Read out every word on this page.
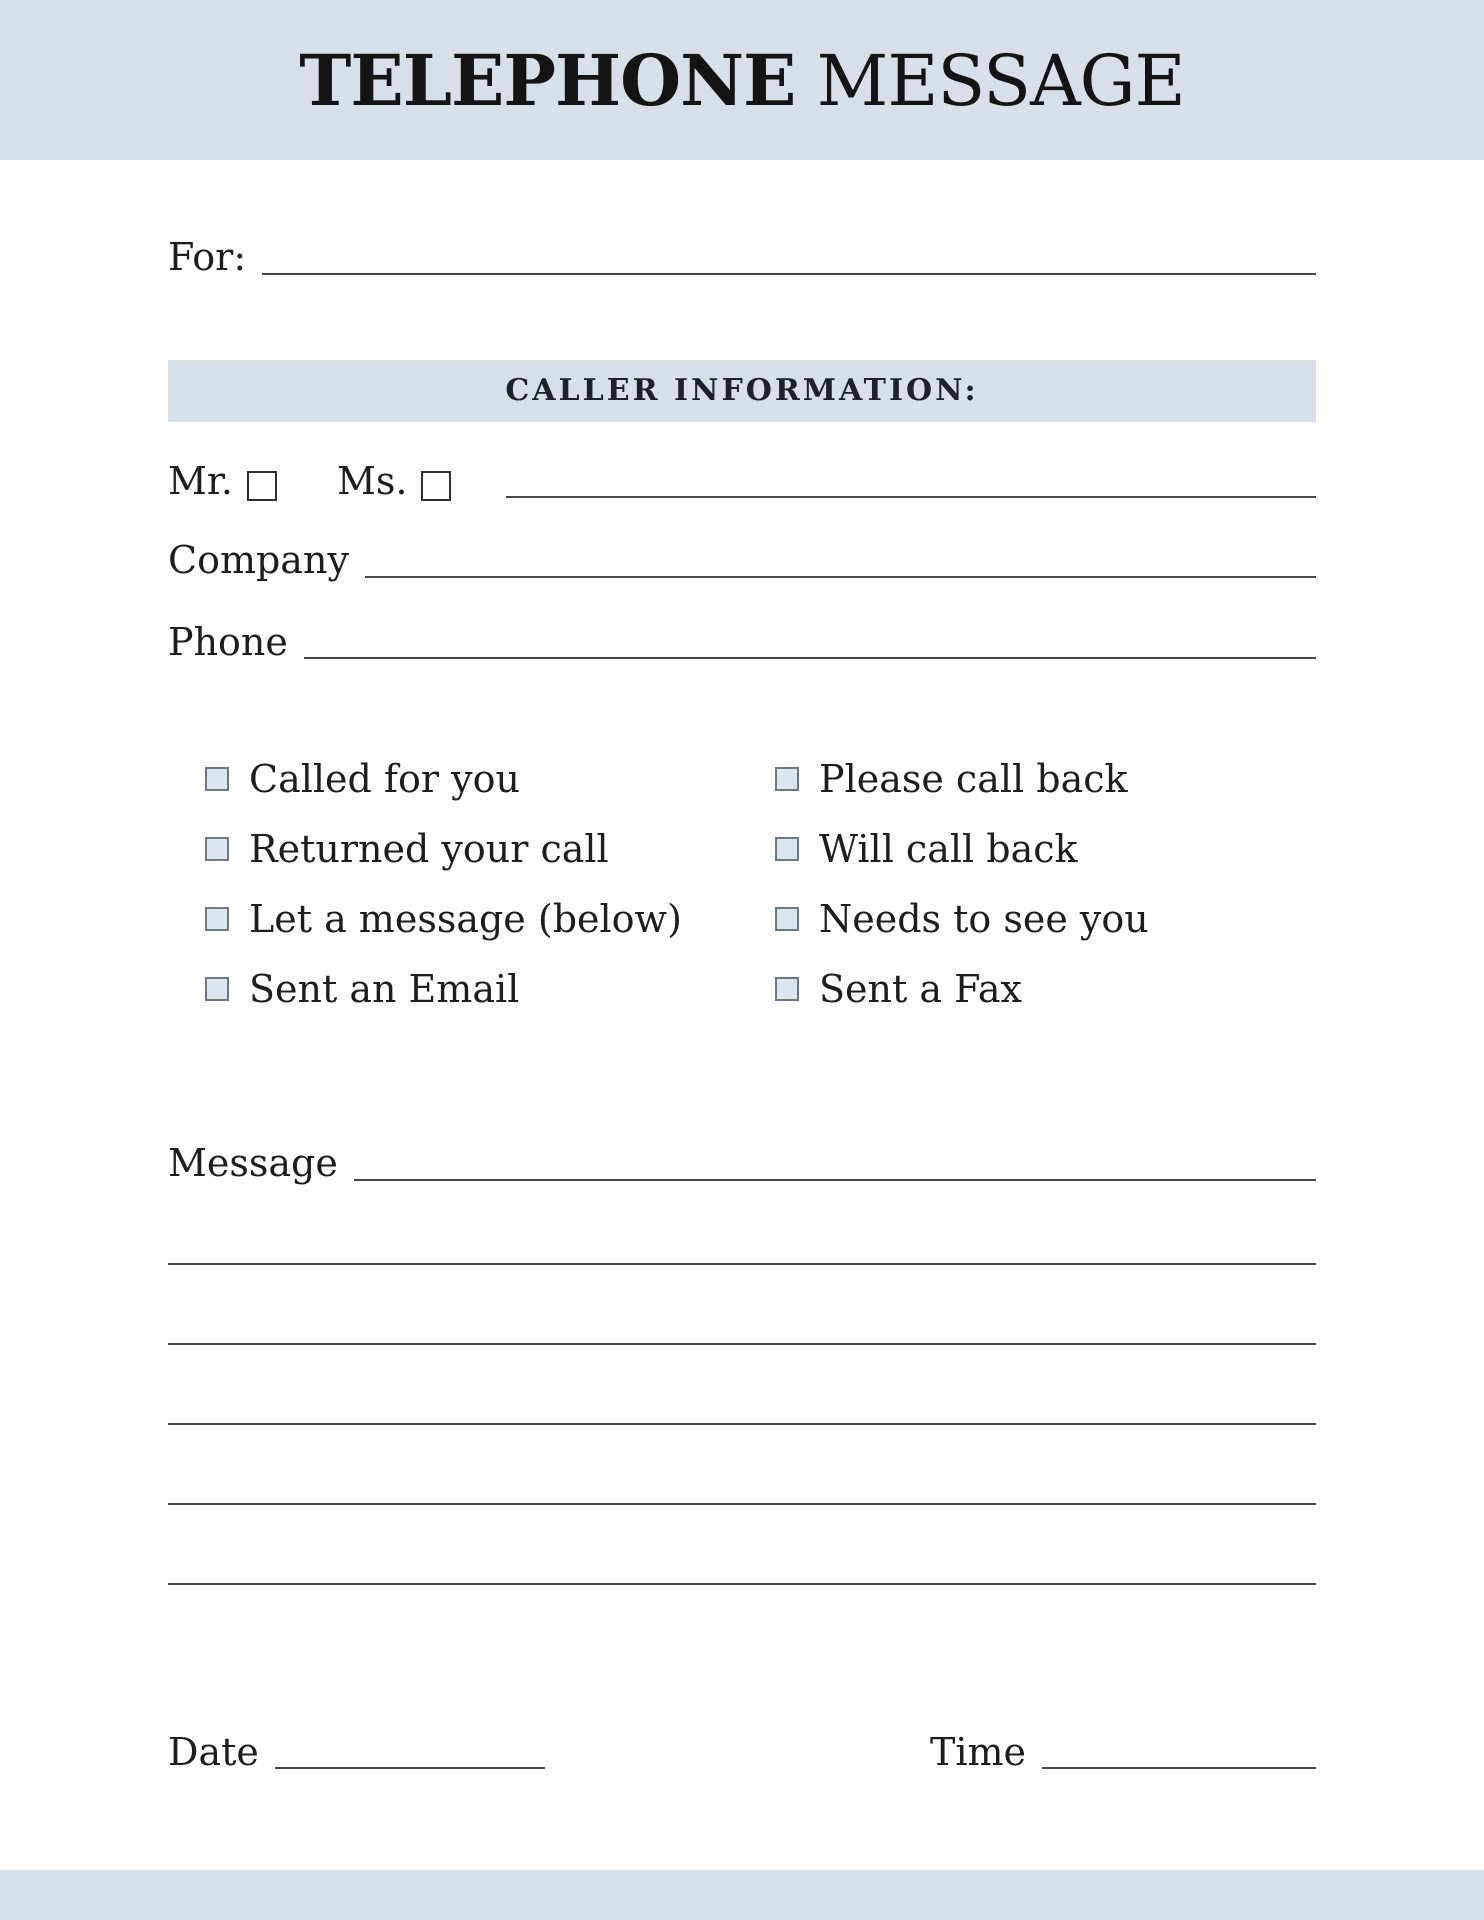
TELEPHONE MESSAGE
For:
CALLER INFORMATION:
Mr.	Ms.
Company
Phone
Called for you	Please call back
Returned your call	Will call back
Let a message (below)	Needs to see you
Sent an Email	Sent a Fax
Message
Date	Time
